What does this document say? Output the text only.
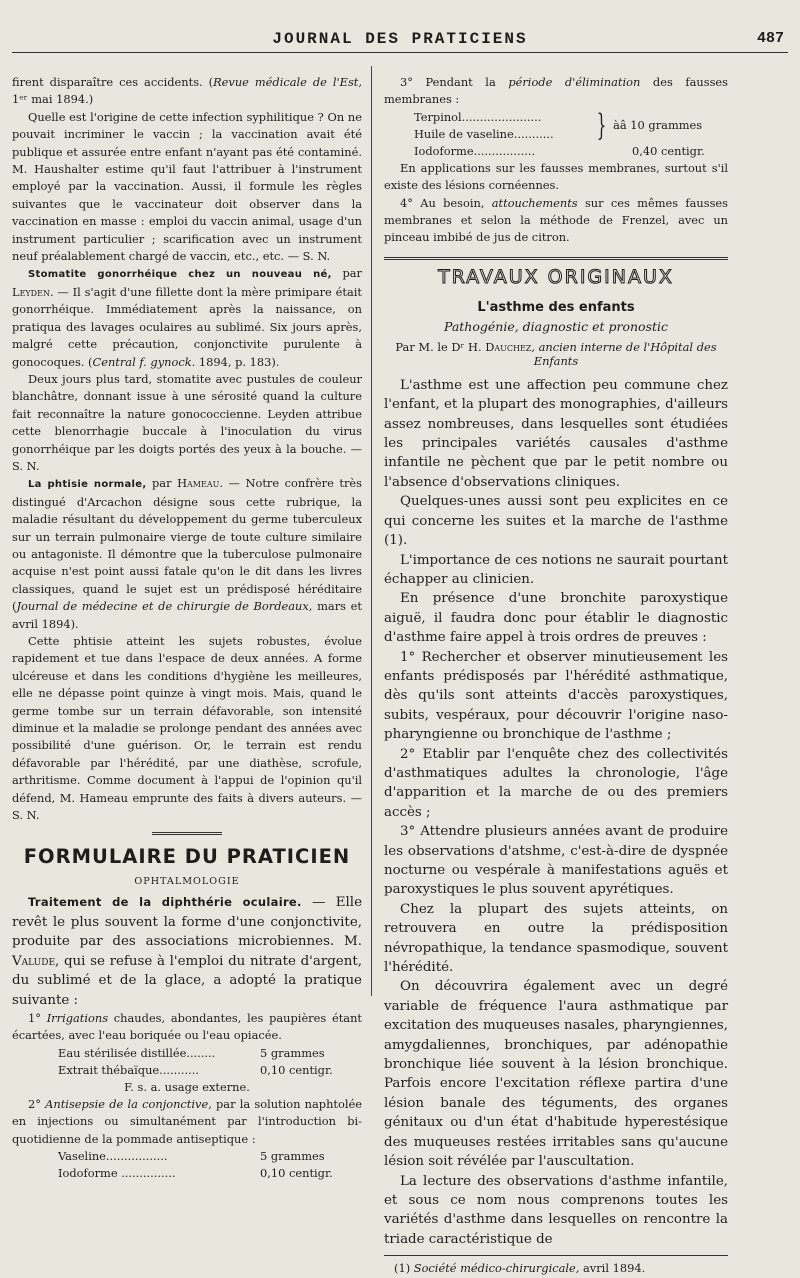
JOURNAL DES PRATICIENS	487

firent disparaître ces accidents. (Revue médicale de l'Est, 1ᵉʳ mai 1894.)

Quelle est l'origine de cette infection syphilitique ? On ne pouvait incriminer le vaccin ; la vaccination avait été publique et assurée entre enfant n'ayant pas été contaminé. M. Haushalter estime qu'il faut l'attribuer à l'instrument employé par la vaccination. Aussi, il formule les règles suivantes que le vaccinateur doit observer dans la vaccination en masse : emploi du vaccin animal, usage d'un instrument particulier ; scarification avec un instrument neuf préalablement chargé de vaccin, etc., etc. — S. N.

Stomatite gonorrhéique chez un nouveau né, par Leyden. — Il s'agit d'une fillette dont la mère primipare était gonorrhéique. Immédiatement après la naissance, on pratiqua des lavages oculaires au sublimé. Six jours après, malgré cette précaution, conjonctivite purulente à gonocoques. (Central f. gynock. 1894, p. 183).

Deux jours plus tard, stomatite avec pustules de couleur blanchâtre, donnant issue à une sérosité quand la culture fait reconnaître la nature gonococcienne. Leyden attribue cette blenorrhagie buccale à l'inoculation du virus gonorrhéique par les doigts portés des yeux à la bouche. — S. N.

La phtisie normale, par Hameau. — Notre confrère très distingué d'Arcachon désigne sous cette rubrique, la maladie résultant du développement du germe tuberculeux sur un terrain pulmonaire vierge de toute culture similaire ou antagoniste. Il démontre que la tuberculose pulmonaire acquise n'est point aussi fatale qu'on le dit dans les livres classiques, quand le sujet est un prédisposé héréditaire (Journal de médecine et de chirurgie de Bordeaux, mars et avril 1894).

Cette phtisie atteint les sujets robustes, évolue rapidement et tue dans l'espace de deux années. A forme ulcéreuse et dans les conditions d'hygiène les meilleures, elle ne dépasse point quinze à vingt mois. Mais, quand le germe tombe sur un terrain défavorable, son intensité diminue et la maladie se prolonge pendant des années avec possibilité d'une guérison. Or, le terrain est rendu défavorable par l'hérédité, par une diathèse, scrofule, arthritisme. Comme document à l'appui de l'opinion qu'il défend, M. Hameau emprunte des faits à divers auteurs. — S. N.

FORMULAIRE DU PRATICIEN
OPHTALMOLOGIE

Traitement de la diphthérie oculaire. — Elle revêt le plus souvent la forme d'une conjonctivite, produite par des associations microbiennes. M. Valude, qui se refuse à l'emploi du nitrate d'argent, du sublimé et de la glace, a adopté la pratique suivante :

1° Irrigations chaudes, abondantes, les paupières étant écartées, avec l'eau boriquée ou l'eau opiacée.

Eau stérilisée distillée........	5 grammes
Extrait thébaïque...........	0,10 centigr.
F. s. a. usage externe.

2° Antisepsie de la conjonctive, par la solution naphtolée en injections ou simultanément par l'introduction bi-quotidienne de la pommade antiseptique :

Vaseline.................	5 grammes
Iodoforme ...............	0,10 centigr.

3° Pendant la période d'élimination des fausses membranes :

Terpinol......................
Huile de vaseline...........	} àâ 10 grammes
Iodoforme.................	0,40 centigr.

En applications sur les fausses membranes, surtout s'il existe des lésions cornéennes.

4° Au besoin, attouchements sur ces mêmes fausses membranes et selon la méthode de Frenzel, avec un pinceau imbibé de jus de citron.

TRAVAUX ORIGINAUX
L'asthme des enfants
Pathogénie, diagnostic et pronostic
Par M. le Dʳ H. Dauchez, ancien interne de l'Hôpital des Enfants

L'asthme est une affection peu commune chez l'enfant, et la plupart des monographies, d'ailleurs assez nombreuses, dans lesquelles sont étudiées les principales variétés causales d'asthme infantile ne pèchent que par le petit nombre ou l'absence d'observations cliniques.

Quelques-unes aussi sont peu explicites en ce qui concerne les suites et la marche de l'asthme (1).

L'importance de ces notions ne saurait pourtant échapper au clinicien.

En présence d'une bronchite paroxystique aiguë, il faudra donc pour établir le diagnostic d'asthme faire appel à trois ordres de preuves :

1° Rechercher et observer minutieusement les enfants prédisposés par l'hérédité asthmatique, dès qu'ils sont atteints d'accès paroxystiques, subits, vespéraux, pour découvrir l'origine naso-pharyngienne ou bronchique de l'asthme ;

2° Etablir par l'enquête chez des collectivités d'asthmatiques adultes la chronologie, l'âge d'apparition et la marche de ou des premiers accès ;

3° Attendre plusieurs années avant de produire les observations d'atshme, c'est-à-dire de dyspnée nocturne ou vespérale à manifestations aguës et paroxystiques le plus souvent apyrétiques.

Chez la plupart des sujets atteints, on retrouvera en outre la prédisposition névropathique, la tendance spasmodique, souvent l'hérédité.

On découvrira également avec un degré variable de fréquence l'aura asthmatique par excitation des muqueuses nasales, pharyngiennes, amygdaliennes, bronchiques, par adénopathie bronchique liée souvent à la lésion bronchique. Parfois encore l'excitation réflexe partira d'une lésion banale des téguments, des organes génitaux ou d'un état d'habitude hyperestésique des muqueuses restées irritables sans qu'aucune lésion soit révélée par l'auscultation.

La lecture des observations d'asthme infantile, et sous ce nom nous comprenons toutes les variétés d'asthme dans lesquelles on rencontre la triade caractéristique de

(1) Société médico-chirurgicale, avril 1894.
